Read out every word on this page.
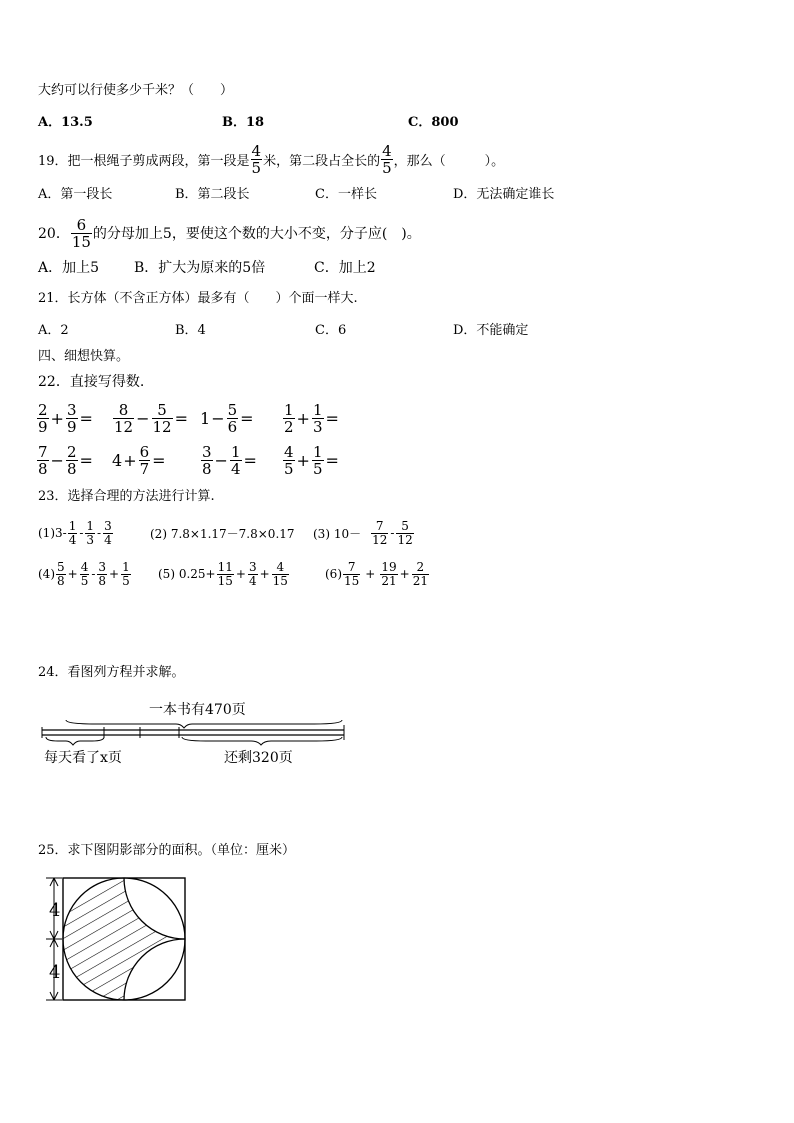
大约可以行使多少千米？（　　）
A．13.5	B．18	C．800
19．把一根绳子剪成两段，第一段是 $\frac{4}{5}$ 米，第二段占全长的 $\frac{4}{5}$ ，那么（　　　）。
A．第一段长	B．第二段长	C．一样长	D．无法确定谁长
20． $\frac{6}{15}$ 的分母加上5，要使这个数的大小不变，分子应(　)。
A．加上5 B．扩大为原来的5倍	C．加上2
21．长方体（不含正方体）最多有（　　）个面一样大.
A．2	B．4	C．6	D．不能确定
四、细想快算。
22．直接写得数.
$\frac{2}{9} + \frac{3}{9} = \frac{8}{12} - \frac{5}{12} = 1 - \frac{5}{6} = \frac{1}{2} + \frac{1}{3}$ =
$\frac{7}{8} - \frac{2}{8} = 4 + \frac{6}{7} = \frac{3}{8} - \frac{1}{4} = \frac{4}{5} + \frac{1}{5}$ =
23．选择合理的方法进行计算.
$(1)3- \frac{1}{4} - \frac{1}{3} - \frac{3}{4}$	(2) 7.8×1.17－7.8×0.17 (3) $10- \frac{7}{12} - \frac{5}{12}$
$(4) \frac{5}{8} + \frac{4}{5} - \frac{3}{8} + \frac{1}{5} (5)$ $0.25+ \frac{11}{15} + \frac{3}{4} + \frac{4}{15}$	$(6) \frac{7}{15} + \frac{19}{21} + \frac{2}{21}$
24．看图列方程并求解。
一本书有470页
每天看了x页	还剩320页
25．求下图阴影部分的面积。（单位：厘米）
4
4
